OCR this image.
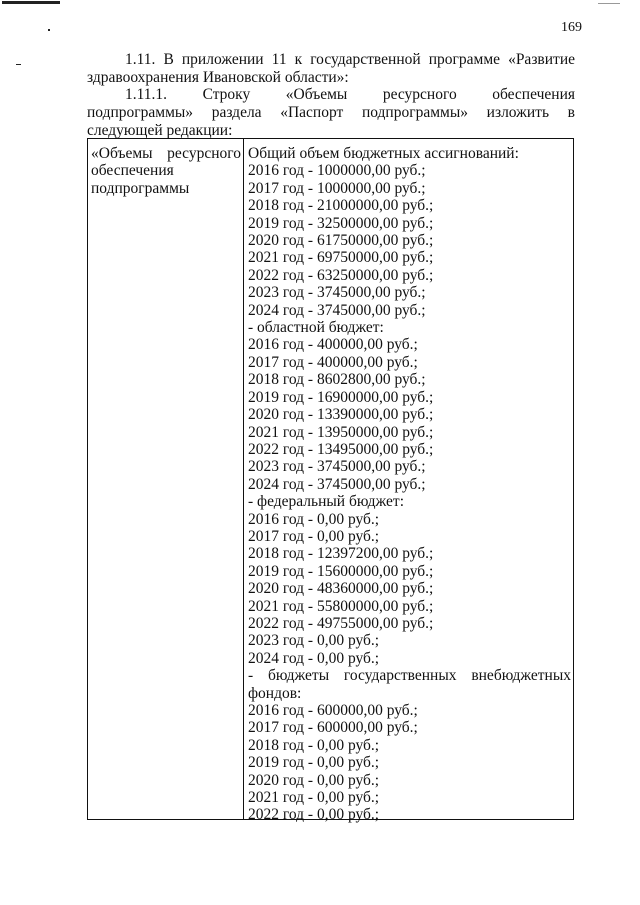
169
1.11. В приложении 11 к государственной программе «Развитие
здравоохранения Ивановской области»:
1.11.1. Строку «Объемы ресурсного обеспечения
подпрограммы» раздела «Паспорт подпрограммы» изложить в следующей редакции:
«Объемы ресурсного
обеспечения
подпрограммы
Общий объем бюджетных ассигнований:
2016 год - 1000000,00 руб.;
2017 год - 1000000,00 руб.;
2018 год - 21000000,00 руб.;
2019 год - 32500000,00 руб.;
2020 год - 61750000,00 руб.;
2021 год - 69750000,00 руб.;
2022 год - 63250000,00 руб.;
2023 год - 3745000,00 руб.;
2024 год - 3745000,00 руб.;
- областной бюджет:
2016 год - 400000,00 руб.;
2017 год - 400000,00 руб.;
2018 год - 8602800,00 руб.;
2019 год - 16900000,00 руб.;
2020 год - 13390000,00 руб.;
2021 год - 13950000,00 руб.;
2022 год - 13495000,00 руб.;
2023 год - 3745000,00 руб.;
2024 год - 3745000,00 руб.;
- федеральный бюджет:
2016 год - 0,00 руб.;
2017 год - 0,00 руб.;
2018 год - 12397200,00 руб.;
2019 год - 15600000,00 руб.;
2020 год - 48360000,00 руб.;
2021 год - 55800000,00 руб.;
2022 год - 49755000,00 руб.;
2023 год - 0,00 руб.;
2024 год - 0,00 руб.;
- бюджеты государственных внебюджетных
фондов:
2016 год - 600000,00 руб.;
2017 год - 600000,00 руб.;
2018 год - 0,00 руб.;
2019 год - 0,00 руб.;
2020 год - 0,00 руб.;
2021 год - 0,00 руб.;
2022 год - 0,00 руб.;
